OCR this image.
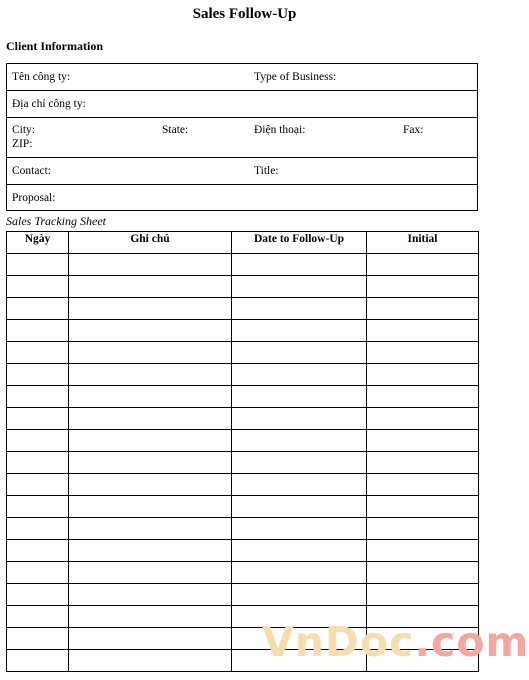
Sales Follow-Up
Client Information
Tên công ty:	Type of Business:
Địa chỉ công ty:
City:	State:	Điện thoại:	Fax:
ZIP:
Contact:	Title:
Proposal:
Sales Tracking Sheet
Ngày	Ghi chú	Date to Follow-Up	Initial

VnDoc.com
